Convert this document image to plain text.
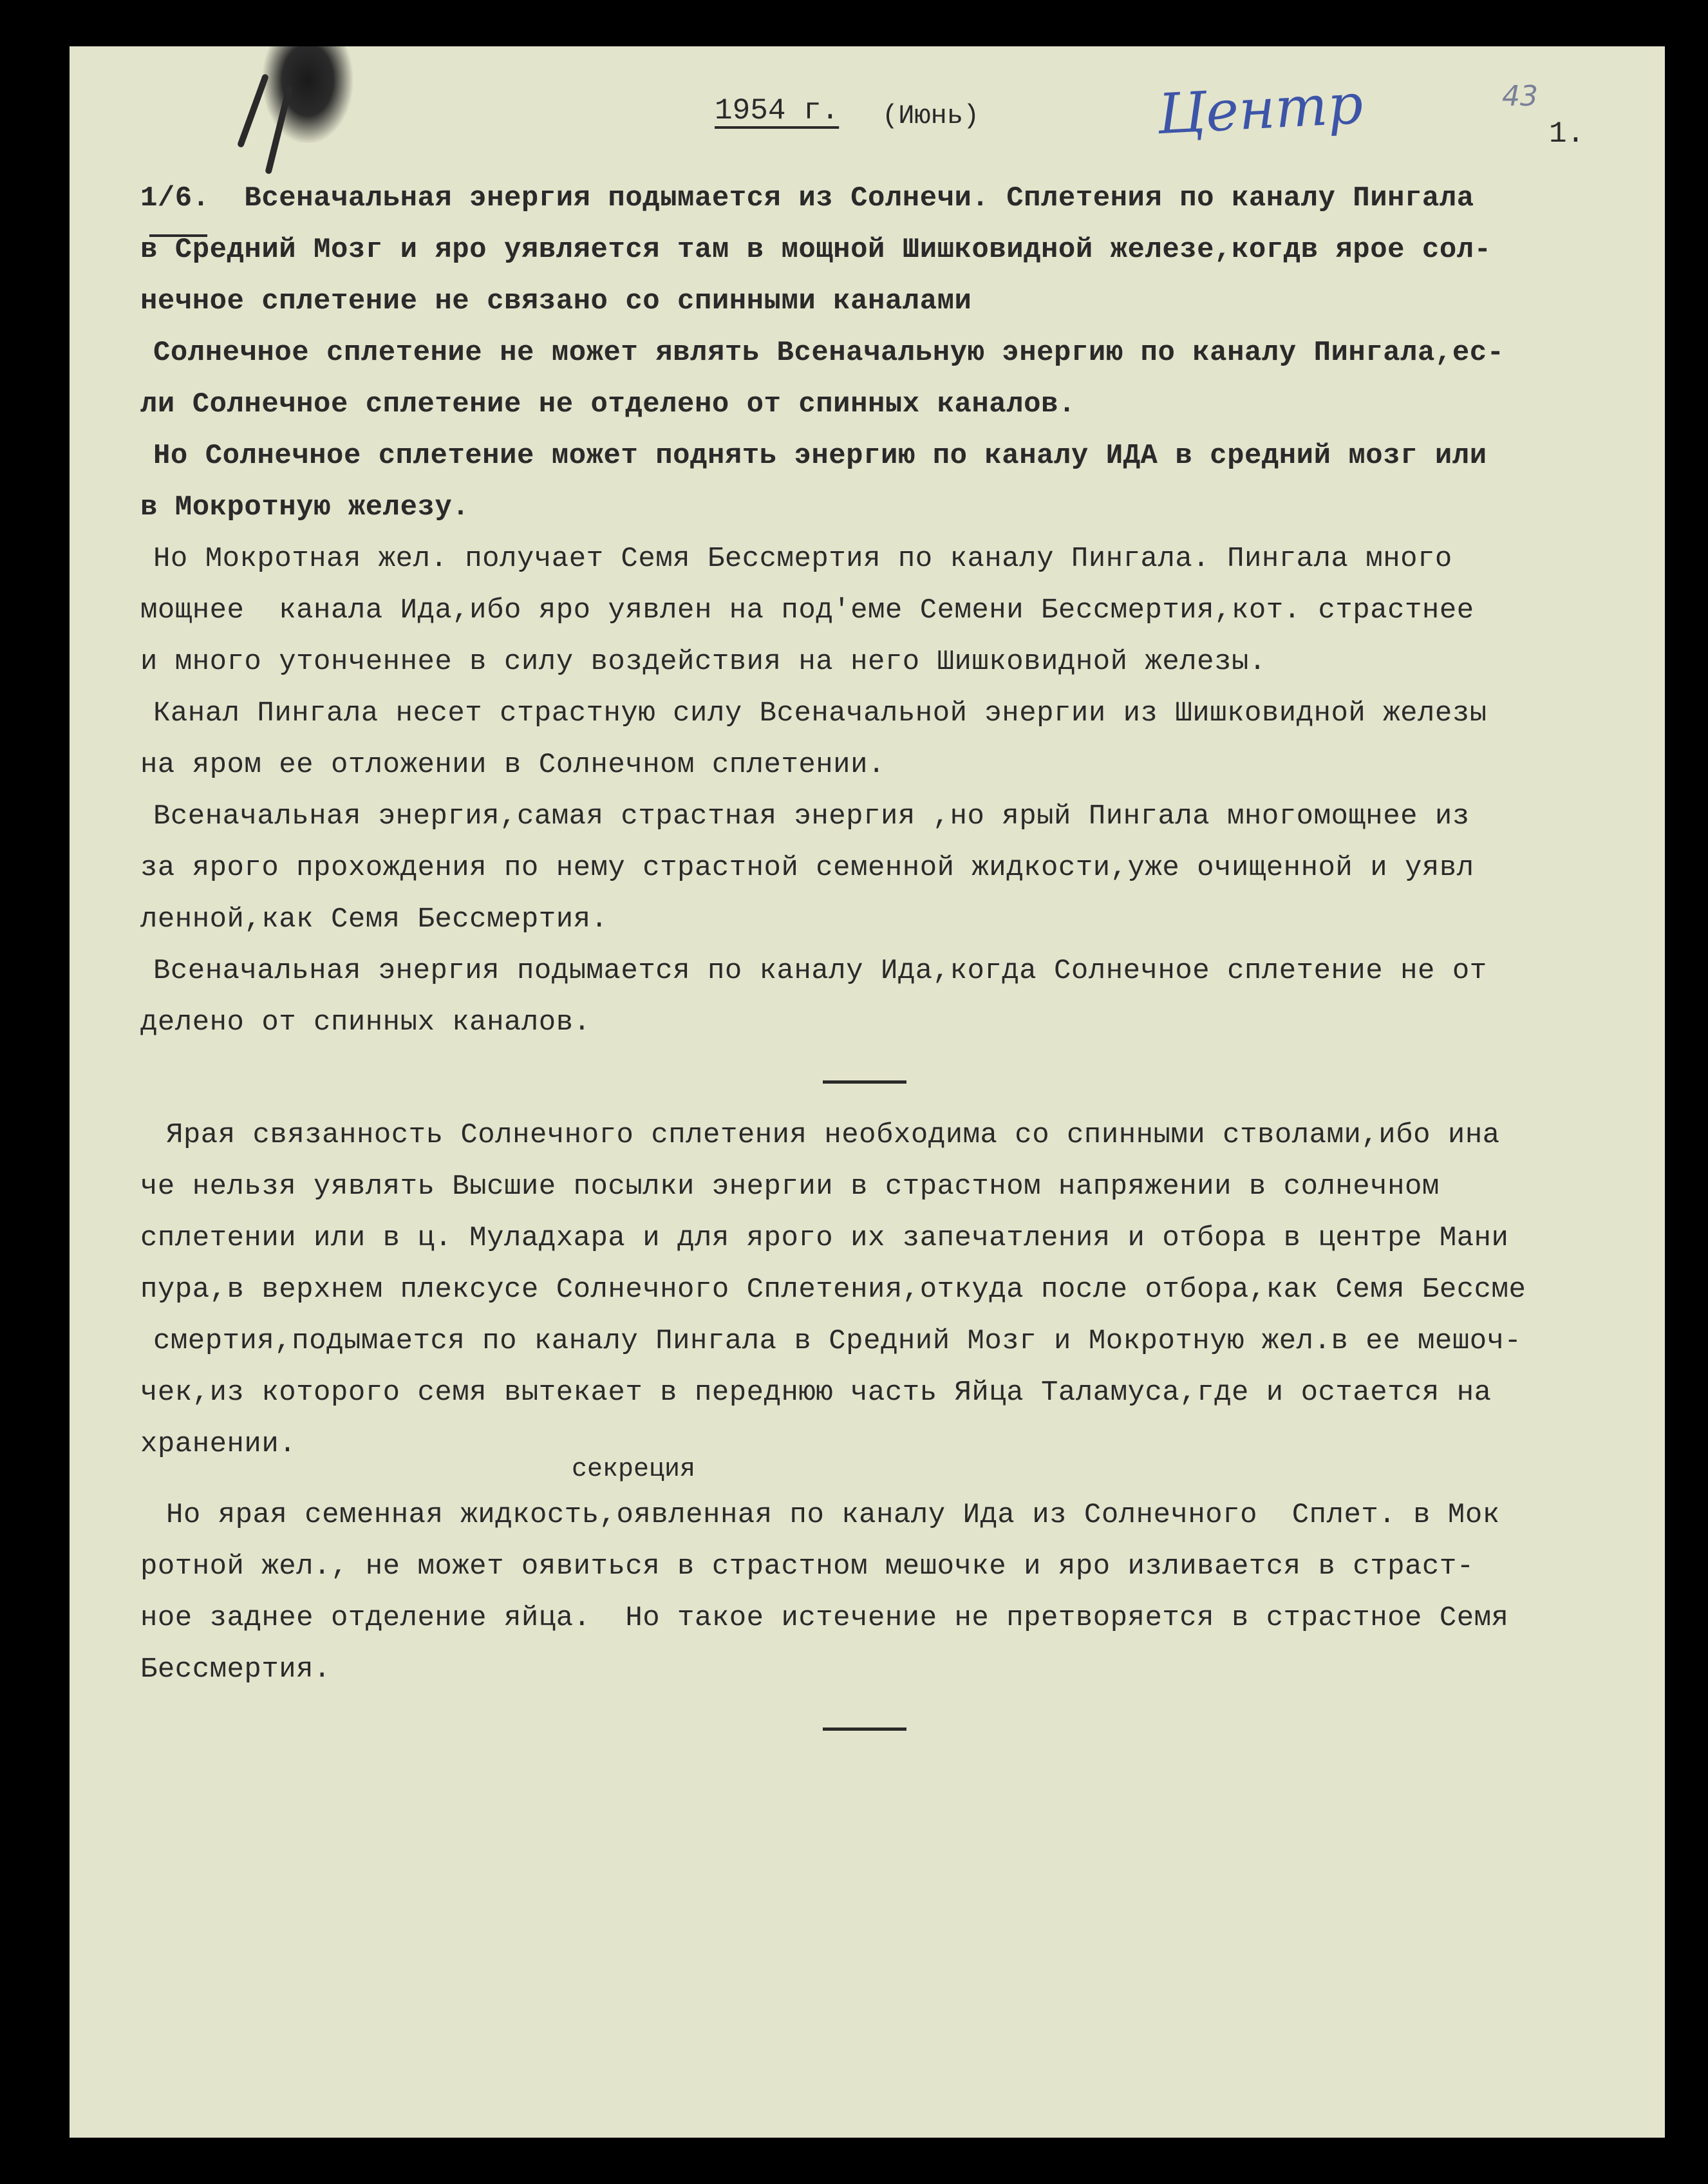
1954 г. (Июнь)	Центр	43
1.
секреция
1/6.  Всеначальная энергия подымается из Солнечи. Сплетения по каналу Пингала
в Средний Мозг и яро уявляется там в мощной Шишковидной железе,когдв ярое сол-
нечное сплетение не связано со спинными каналами
Солнечное сплетение не может являть Всеначальную энергию по каналу Пингала,ес-
ли Солнечное сплетение не отделено от спинных каналов.
Но Солнечное сплетение может поднять энергию по каналу ИДА в средний мозг или
в Мокротную железу.
Но Мокротная жел. получает Семя Бессмертия по каналу Пингала. Пингала много
мощнее  канала Ида,ибо яро уявлен на под'еме Семени Бессмертия,кот. страстнее
и много утонченнее в силу воздействия на него Шишковидной железы.
Канал Пингала несет страстную силу Всеначальной энергии из Шишковидной железы
на яром ее отложении в Солнечном сплетении.
Всеначальная энергия,самая страстная энергия ,но ярый Пингала многомощнее из
за ярого прохождения по нему страстной семенной жидкости,уже очищенной и уявл
ленной,как Семя Бессмертия.
Всеначальная энергия подымается по каналу Ида,когда Солнечное сплетение не от
делено от спинных каналов.
Ярая связанность Солнечного сплетения необходима со спинными стволами,ибо ина
че нельзя уявлять Высшие посылки энергии в страстном напряжении в солнечном
сплетении или в ц. Муладхара и для ярого их запечатления и отбора в центре Мани
пура,в верхнем плексусе Солнечного Сплетения,откуда после отбора,как Семя Бессме
смертия,подымается по каналу Пингала в Средний Мозг и Мокротную жел.в ее мешоч-
чек,из которого семя вытекает в переднюю часть Яйца Таламуса,где и остается на
хранении.
Но ярая семенная жидкость,оявленная по каналу Ида из Солнечного  Сплет. в Мок
ротной жел., не может оявиться в страстном мешочке и яро изливается в страст-
ное заднее отделение яйца.  Но такое истечение не претворяется в страстное Семя
Бессмертия.
